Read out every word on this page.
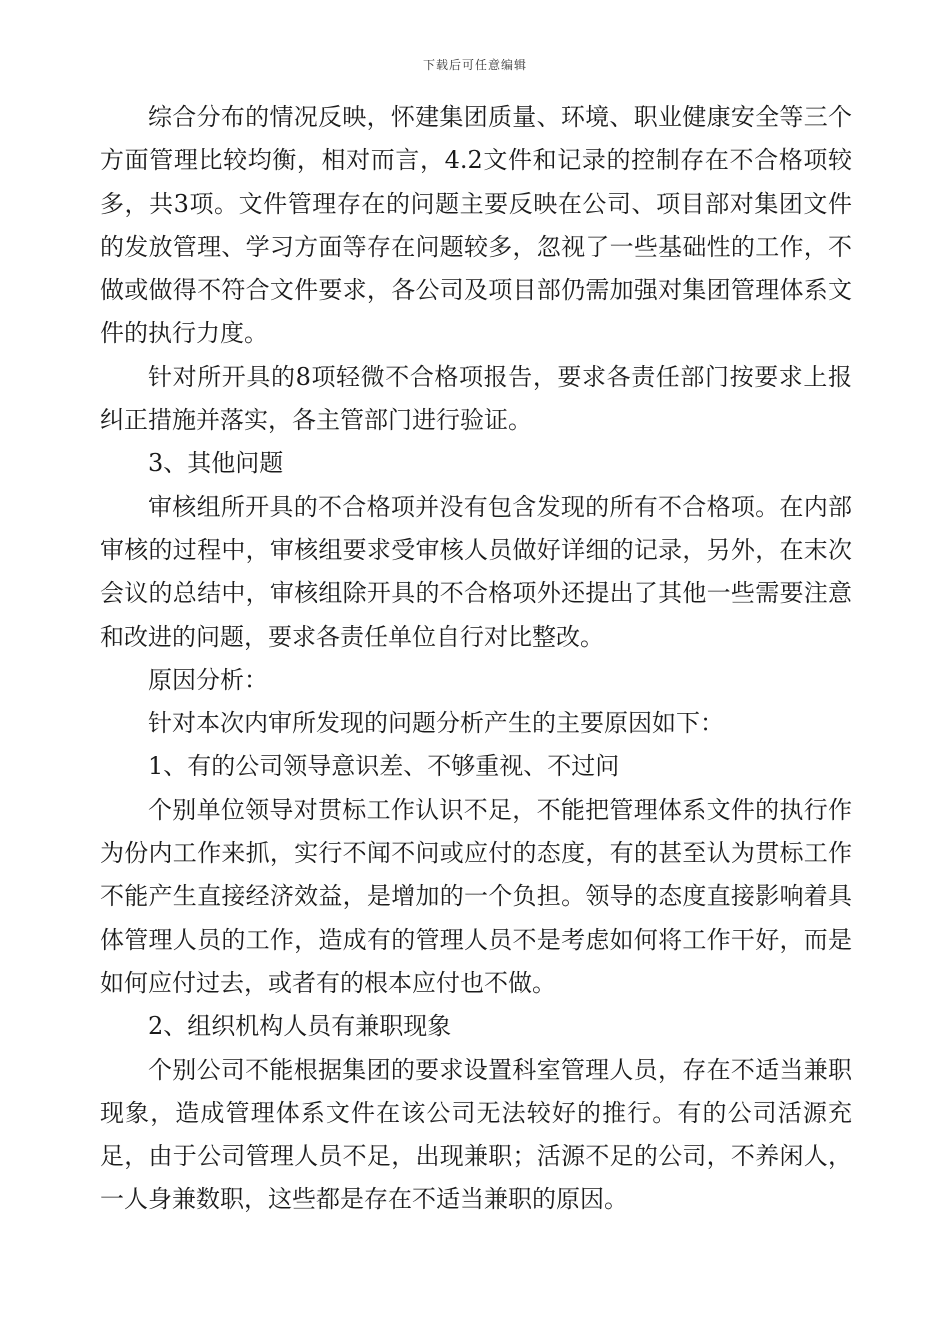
下载后可任意编辑

综合分布的情况反映，怀建集团质量、环境、职业健康安全等三个方面管理比较均衡，相对而言，4.2文件和记录的控制存在不合格项较多，共3项。文件管理存在的问题主要反映在公司、项目部对集团文件的发放管理、学习方面等存在问题较多，忽视了一些基础性的工作，不做或做得不符合文件要求，各公司及项目部仍需加强对集团管理体系文件的执行力度。

针对所开具的8项轻微不合格项报告，要求各责任部门按要求上报纠正措施并落实，各主管部门进行验证。

3、其他问题

审核组所开具的不合格项并没有包含发现的所有不合格项。在内部审核的过程中，审核组要求受审核人员做好详细的记录，另外，在末次会议的总结中，审核组除开具的不合格项外还提出了其他一些需要注意和改进的问题，要求各责任单位自行对比整改。

原因分析：

针对本次内审所发现的问题分析产生的主要原因如下：

1、有的公司领导意识差、不够重视、不过问

个别单位领导对贯标工作认识不足，不能把管理体系文件的执行作为份内工作来抓，实行不闻不问或应付的态度，有的甚至认为贯标工作不能产生直接经济效益，是增加的一个负担。领导的态度直接影响着具体管理人员的工作，造成有的管理人员不是考虑如何将工作干好，而是如何应付过去，或者有的根本应付也不做。

2、组织机构人员有兼职现象

个别公司不能根据集团的要求设置科室管理人员，存在不适当兼职现象，造成管理体系文件在该公司无法较好的推行。有的公司活源充足，由于公司管理人员不足，出现兼职；活源不足的公司，不养闲人，一人身兼数职，这些都是存在不适当兼职的原因。
